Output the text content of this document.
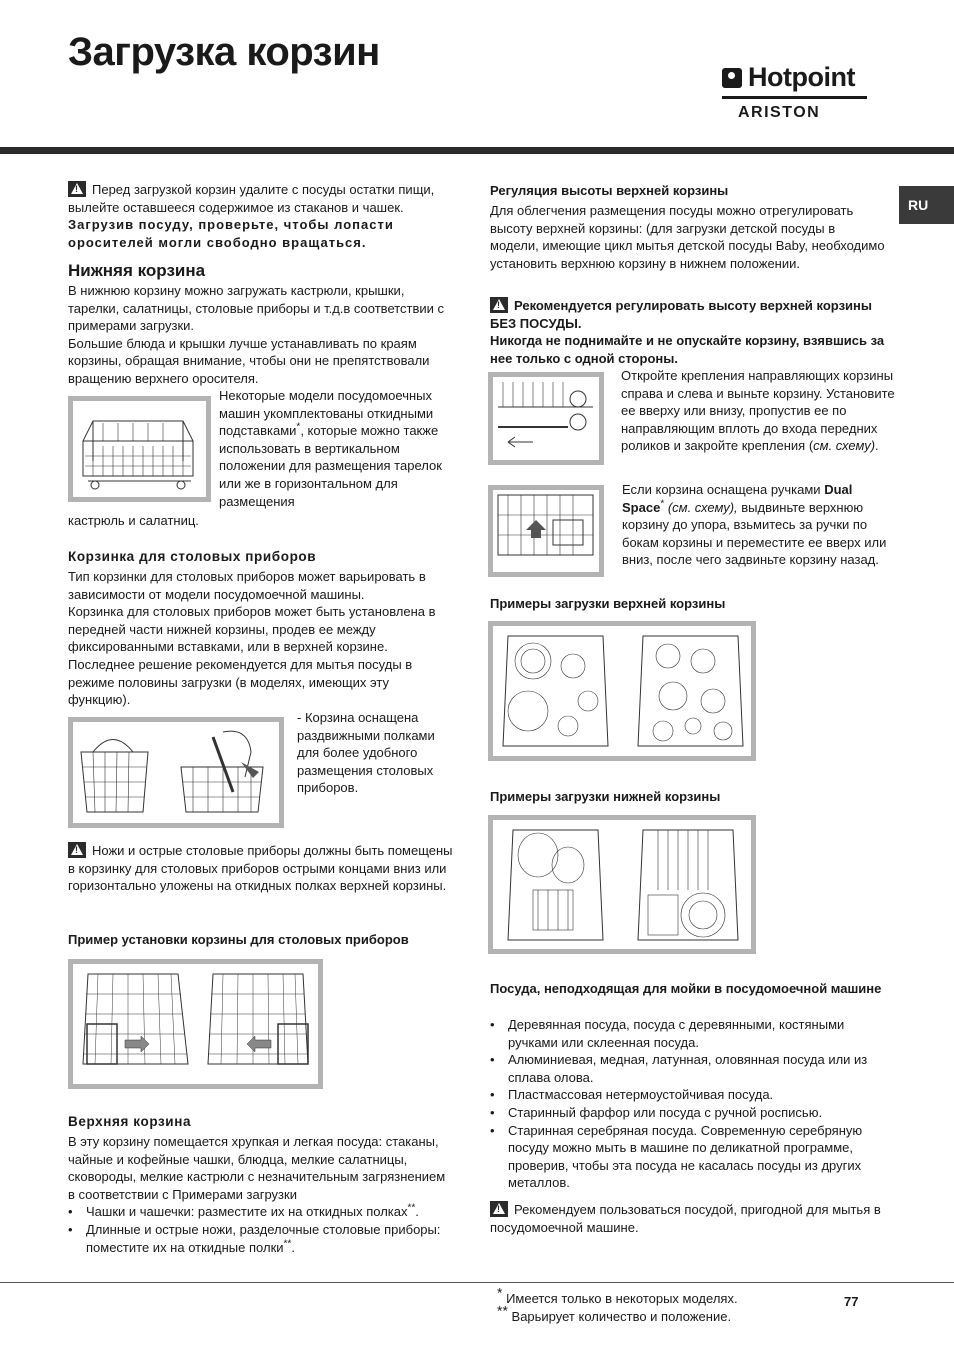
Загрузка корзин
Hotpoint
ARISTON
RU

!Перед загрузкой корзин удалите с посуды остатки пищи, вылейте оставшееся содержимое из стаканов и чашек.

Загрузив посуду, проверьте, чтобы лопасти оросителей могли свободно вращаться.

Нижняя корзина

В нижнюю корзину можно загружать кастрюли, крышки, тарелки, салатницы, столовые приборы и т.д.в соответствии с примерами загрузки.

Большие блюда и крышки лучше устанавливать по краям корзины, обращая внимание, чтобы они не препятствовали вращению верхнего оросителя.

Некоторые модели посудомоечных машин укомплектованы откидными подставками*, которые можно также использовать в вертикальном положении для размещения тарелок или же в горизонтальном для размещения
кастрюль и салатниц.
Корзинка для столовых приборов

Тип корзинки для столовых приборов может варьировать в зависимости от модели посудомоечной машины.

Корзинка для столовых приборов может быть установлена в передней части нижней корзины, продев ее между фиксированными вставками, или в верхней корзине.

Последнее решение рекомендуется для мытья посуды в режиме половины загрузки (в моделях, имеющих эту функцию).

- Корзина оснащена раздвижными полками для более удобного размещения столовых приборов.
!Ножи и острые столовые приборы должны быть помещены в корзинку для столовых приборов острыми концами вниз или горизонтально уложены на откидных полках верхней корзины.
Пример установки корзины для столовых приборов
Верхняя корзина

В эту корзину помещается хрупкая и легкая посуда: стаканы, чайные и кофейные чашки, блюдца, мелкие салатницы, сковороды, мелкие кастрюли с незначительным загрязнением в соответствии с Примерами загрузки

• Чашки и чашечки: разместите их на откидных полках**.

• Длинные и острые ножи, разделочные столовые приборы: поместите их на откидные полки**.

Регуляция высоты верхней корзины
Для облегчения размещения посуды можно отрегулировать высоту верхней корзины: (для загрузки детской посуды в модели, имеющие цикл мытья детской посуды Baby, необходимо установить верхнюю корзину в нижнем положении.

!Рекомендуется регулировать высоту верхней корзины БЕЗ ПОСУДЫ.

Никогда не поднимайте и не опускайте корзину, взявшись за нее только с одной стороны.

Откройте крепления направляющих корзины справа и слева и выньте корзину. Установите ее вверху или внизу, пропустив ее по направляющим вплоть до входа передних роликов и закройте крепления (см. схему).
Если корзина оснащена ручками Dual Space* (см. схему), выдвиньте верхнюю корзину до упора, взьмитесь за ручки по бокам корзины и переместите ее вверх или вниз, после чего задвиньте корзину назад.
Примеры загрузки верхней корзины
Примеры загрузки нижней корзины
Посуда, неподходящая для мойки в посудомоечной машине

• Деревянная посуда, посуда с деревянными, костяными ручками или склеенная посуда.

• Алюминиевая, медная, латунная, оловянная посуда или из сплава олова.

• Пластмассовая нетермоустойчивая посуда.

• Старинный фарфор или посуда с ручной росписью.

• Старинная серебряная посуда. Современную серебряную посуду можно мыть в машине по деликатной программе, проверив, чтобы эта посуда не касалась посуды из других металлов.

!Рекомендуем пользоваться посудой, пригодной для мытья в посудомоечной машине.

* Имеется только в некоторых моделях.

** Варьирует количество и положение.

77
